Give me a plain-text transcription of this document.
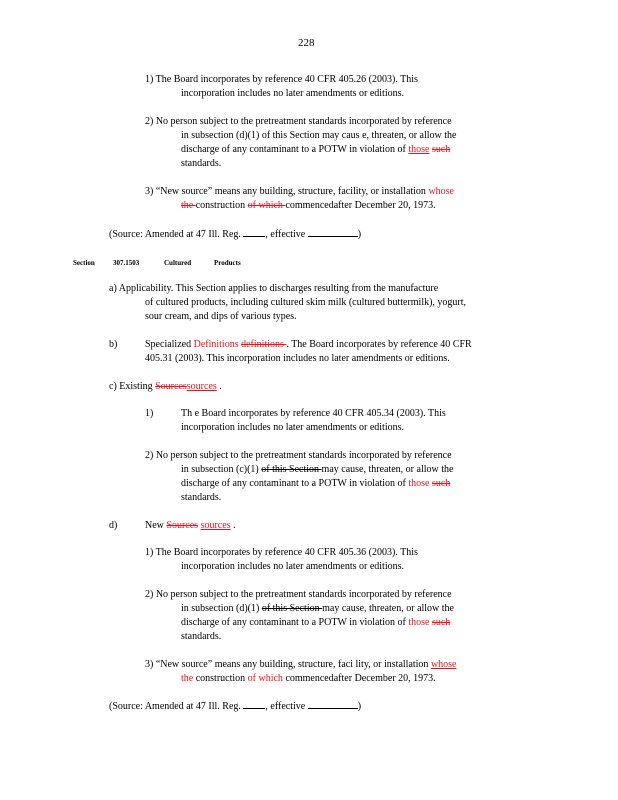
228
1) The Board incorporates by reference 40 CFR 405.26 (2003). This
incorporation includes no later amendments or editions.
2) No person subject to the pretreatment standards incorporated by reference
in subsection (d)(1) of this Section may caus e, threaten, or allow the
discharge of any contaminant to a POTW in violation of those such
standards.
3) “New source” means any building, structure, facility, or installation whose
the construction of which commencedafter December 20, 1973.
(Source: Amended at 47 Ill. Reg. , effective	)
Section	307.1503	Cultured	Products
a) Applicability. This Section applies to discharges resulting from the manufacture
of cultured products, including cultured skim milk (cultured buttermilk), yogurt,
sour cream, and dips of various types.
b)	Specialized Definitions definitions . The Board incorporates by reference 40 CFR
405.31 (2003). This incorporation includes no later amendments or editions.
c) Existing Sourcessources .
1)	Th e Board incorporates by reference 40 CFR 405.34 (2003). This
incorporation includes no later amendments or editions.
2) No person subject to the pretreatment standards incorporated by reference
in subsection (c)(1) of this Section may cause, threaten, or allow the
discharge of any contaminant to a POTW in violation of those such
standards.
d)	New Sources sources .
1) The Board incorporates by reference 40 CFR 405.36 (2003). This
incorporation includes no later amendments or editions.
2) No person subject to the pretreatment standards incorporated by reference
in subsection (d)(1) of this Section may cause, threaten, or allow the
discharge of any contaminant to a POTW in violation of those such
standards.
3) “New source” means any building, structure, faci lity, or installation whose
the construction of which commencedafter December 20, 1973.
(Source: Amended at 47 Ill. Reg. , effective	)
